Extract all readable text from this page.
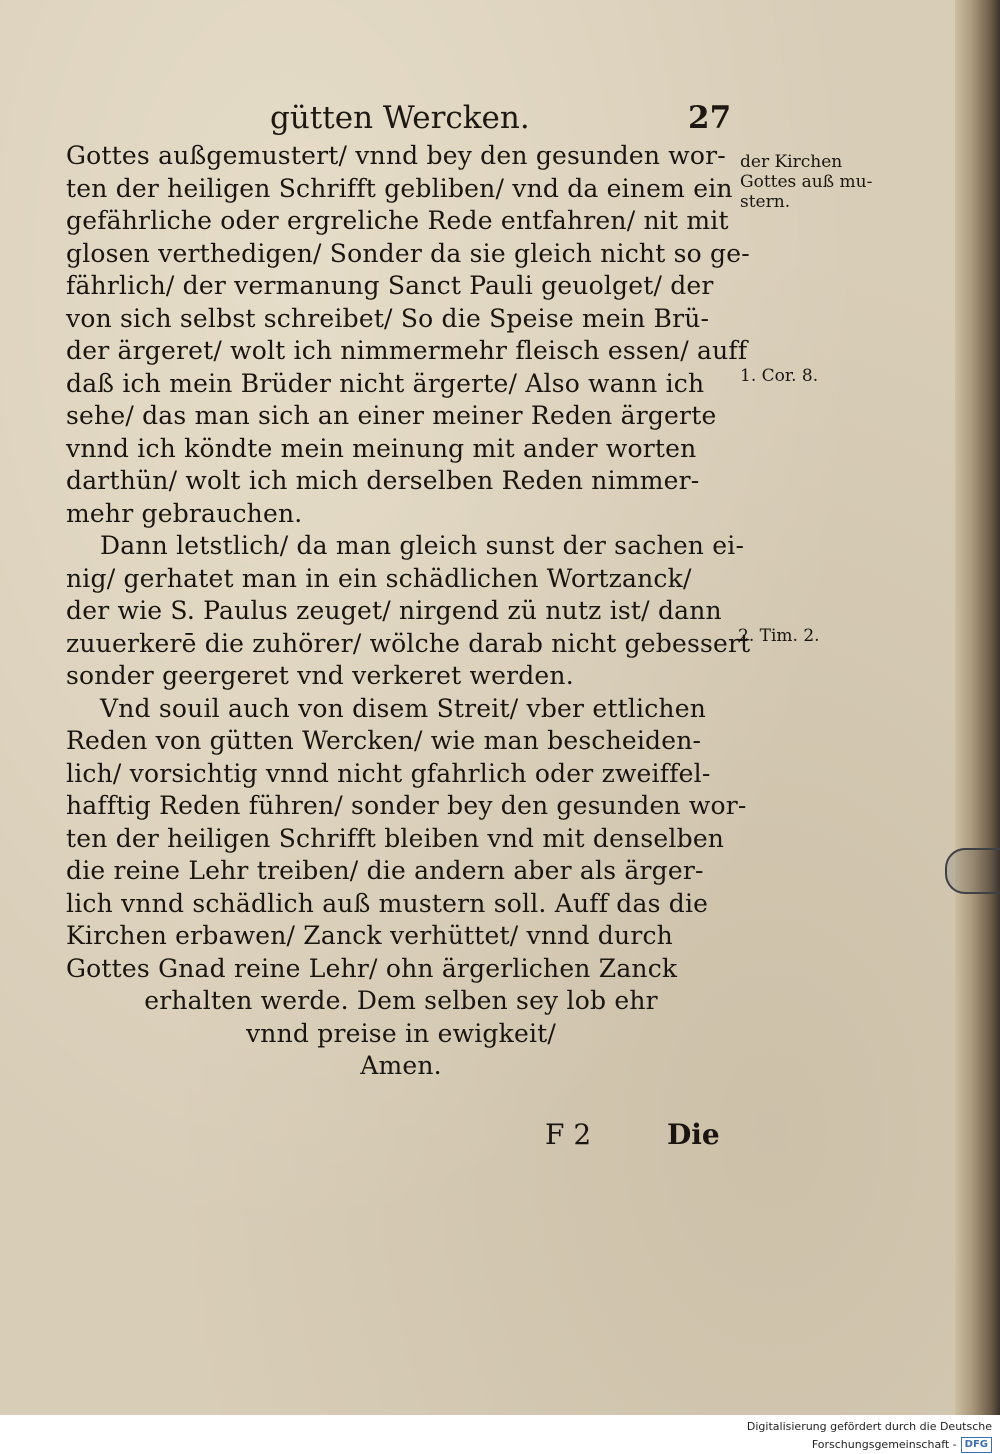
gütten Wercken.	27
Gottes außgemustert/ vnnd bey den gesunden wor-
ten der heiligen Schrifft gebliben/ vnd da einem ein
gefährliche oder ergreliche Rede entfahren/ nit mit
glosen verthedigen/ Sonder da sie gleich nicht so ge-
fährlich/ der vermanung Sanct Pauli geuolget/ der
von sich selbst schreibet/ So die Speise mein Brü-
der ärgeret/ wolt ich nimmermehr fleisch essen/ auff
daß ich mein Brüder nicht ärgerte/ Also wann ich
sehe/ das man sich an einer meiner Reden ärgerte
vnnd ich köndte mein meinung mit ander worten
darthün/ wolt ich mich derselben Reden nimmer-
mehr gebrauchen.
Dann letstlich/ da man gleich sunst der sachen ei-
nig/ gerhatet man in ein schädlichen Wortzanck/
der wie S. Paulus zeuget/ nirgend zü nutz ist/ dann
zuuerkerē die zuhörer/ wölche darab nicht gebessert
sonder geergeret vnd verkeret werden.
Vnd souil auch von disem Streit/ vber ettlichen
Reden von gütten Wercken/ wie man bescheiden-
lich/ vorsichtig vnnd nicht gfahrlich oder zweiffel-
hafftig Reden führen/ sonder bey den gesunden wor-
ten der heiligen Schrifft bleiben vnd mit denselben
die reine Lehr treiben/ die andern aber als ärger-
lich vnnd schädlich auß mustern soll. Auff das die
Kirchen erbawen/ Zanck verhüttet/ vnnd durch
Gottes Gnad reine Lehr/ ohn ärgerlichen Zanck
erhalten werde. Dem selben sey lob ehr
vnnd preise in ewigkeit/
Amen.
der Kirchen
Gottes auß mu-
stern.
1. Cor. 8.
2. Tim. 2.
F 2	Die
Digitalisierung gefördert durch die Deutsche Forschungsgemeinschaft - DFG
